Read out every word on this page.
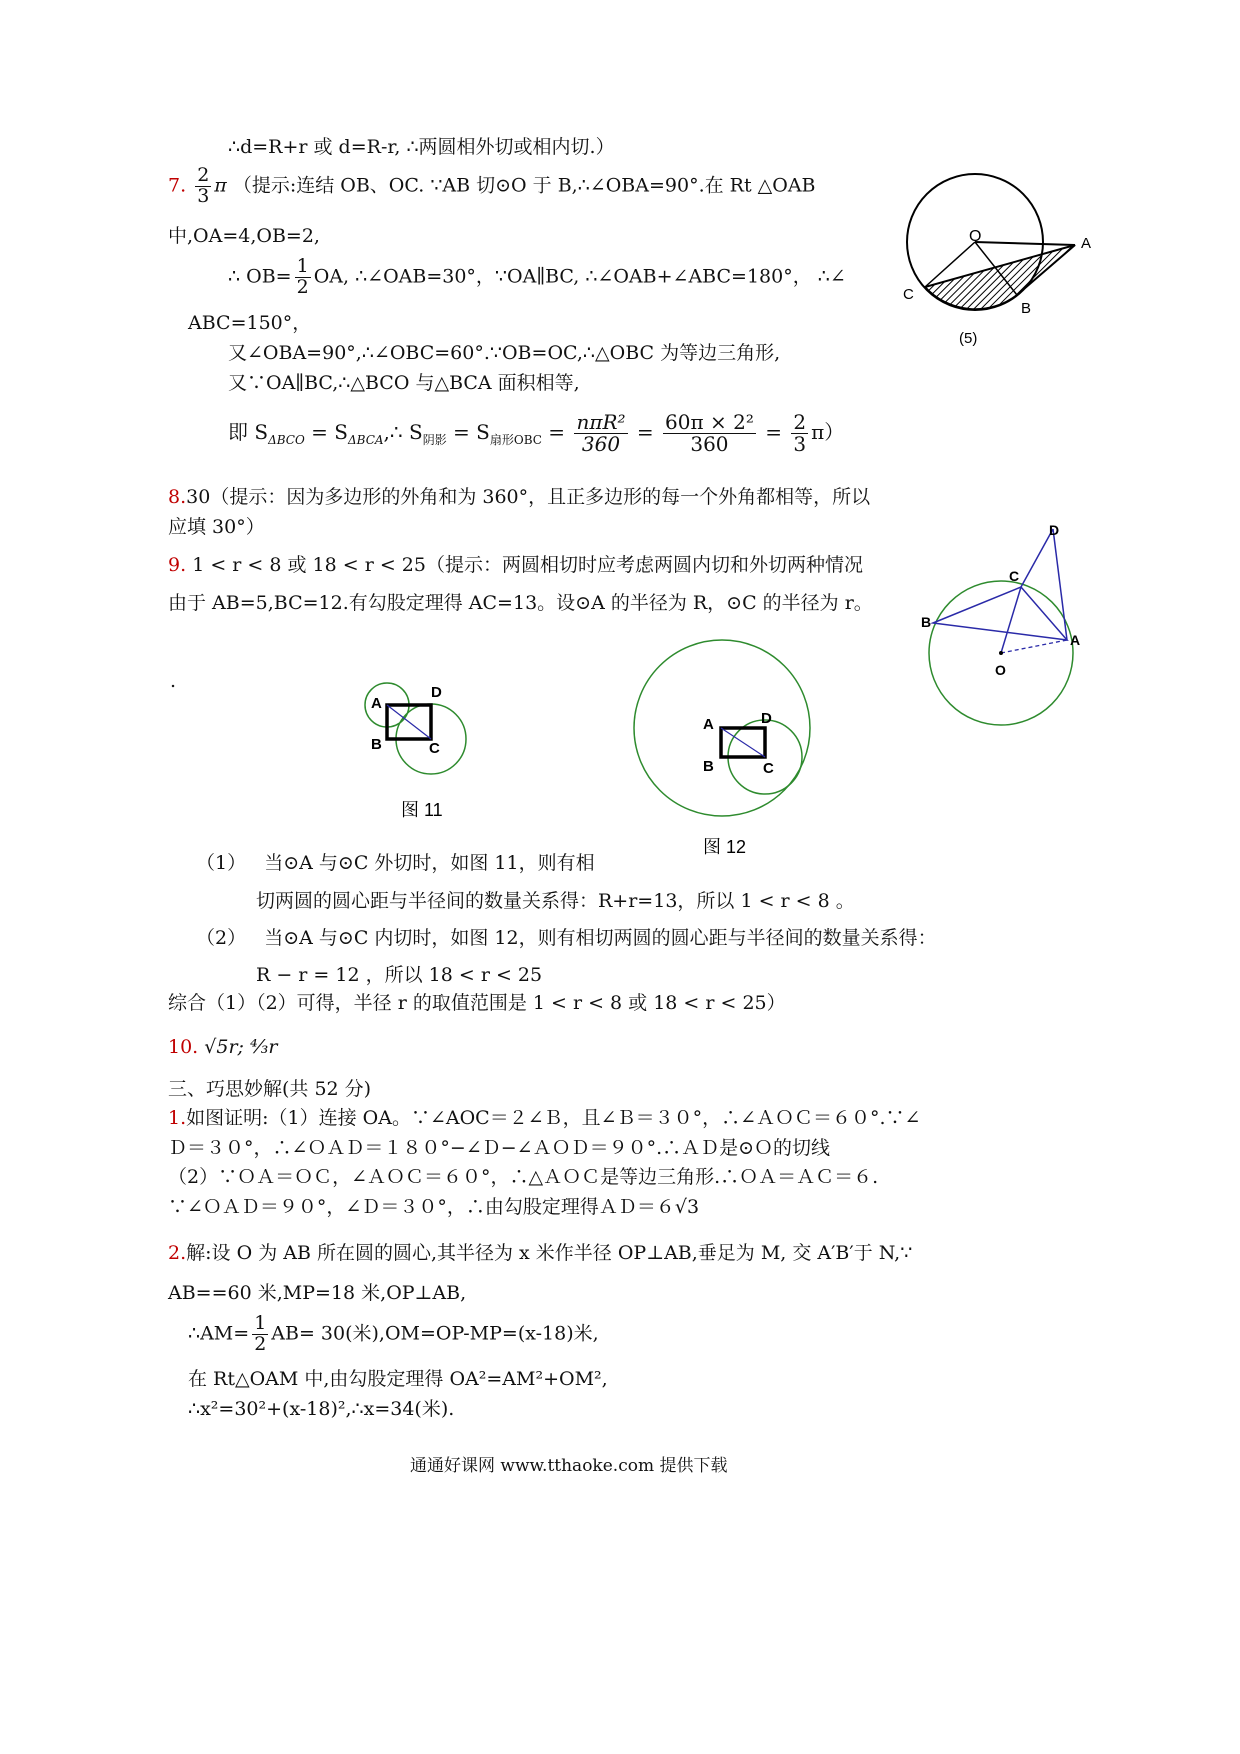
∴d=R+r 或 d=R-r, ∴两圆相外切或相内切.）
7. $\frac{2}{3}$ π （提示:连结 OB、OC. ∵AB 切⊙O 于 B,∴∠OBA=90°.在 Rt △OAB
中,OA=4,OB=2,
∴ $OB= \frac{1}{2}$ OA, ∴∠OAB=30°，∵OA∥BC, ∴∠OAB+∠ABC=180°， ∴∠
ABC=150°，
又∠OBA=90°,∴∠OBC=60°.∵OB=OC,∴△OBC 为等边三角形,
又∵OA∥BC,∴△BCO 与△BCA 面积相等,
即 $S_{\Delta BCO}$ = $S_{\Delta BCA},\therefore$ $S_{阴影} = S_{扇形OBC} = \frac{\text{nπR²}}{360} = \frac{\text{60π × 2²}}{360} = \frac{2}{3} \pi$）
8.30（提示：因为多边形的外角和为 360°，且正多边形的每一个外角都相等，所以
应填 30°）
9. 1 < r < 8 或 18 < r < 25（提示：两圆相切时应考虑两圆内切和外切两种情况
由于 AB=5,BC=12.有勾股定理得 AC=13。设⊙A 的半径为 R，⊙C 的半径为 r。
.
（1） 当⊙A 与⊙C 外切时，如图 11，则有相
切两圆的圆心距与半径间的数量关系得：R+r=13，所以 1 < r < 8 。
（2） 当⊙A 与⊙C 内切时，如图 12，则有相切两圆的圆心距与半径间的数量关系得：
R − r = 12 ，所以 18 < r < 25
综合（1）（2）可得，半径 r 的取值范围是 1 < r < 8 或 18 < r < 25）
10. √5r; ⁴⁄₃r
三、巧思妙解(共 52 分)
1.如图证明:（1）连接 OA。∵∠AOC＝２∠Ｂ，且∠Ｂ＝３０°，∴∠ＡＯＣ＝６０°.∵∠
Ｄ＝３０°，∴∠ＯＡＤ＝１８０°−∠Ｄ−∠ＡＯＤ＝９０°.∴ＡＤ是⊙Ｏ的切线
（2）∵ＯＡ＝ＯＣ，∠ＡＯＣ＝６０°，∴△ＡＯＣ是等边三角形.∴ＯＡ＝ＡＣ＝６.
∵∠ＯＡＤ＝９０°，∠Ｄ＝３０°，∴由勾股定理得ＡＤ＝６√3
2.解:设 O 为 AB 所在圆的圆心,其半径为 x 米作半径 OP⊥AB,垂足为 M, 交 A′B′于 N,∵
AB==60 米,MP=18 米,OP⊥AB,
∴AM= $\frac{1}{2} AB= 30$(米),OM=OP-MP=(x-18)米,
在 Rt△OAM 中,由勾股定理得 OA²=AM²+OM²,
∴x²=30²+(x-18)²,∴x=34(米).
通通好课网 www.tthaoke.com 提供下载
O	A
B
C
(5)
D
C
B
A
O
A
D
B	C
图 11
A	D
B	C
图 12
